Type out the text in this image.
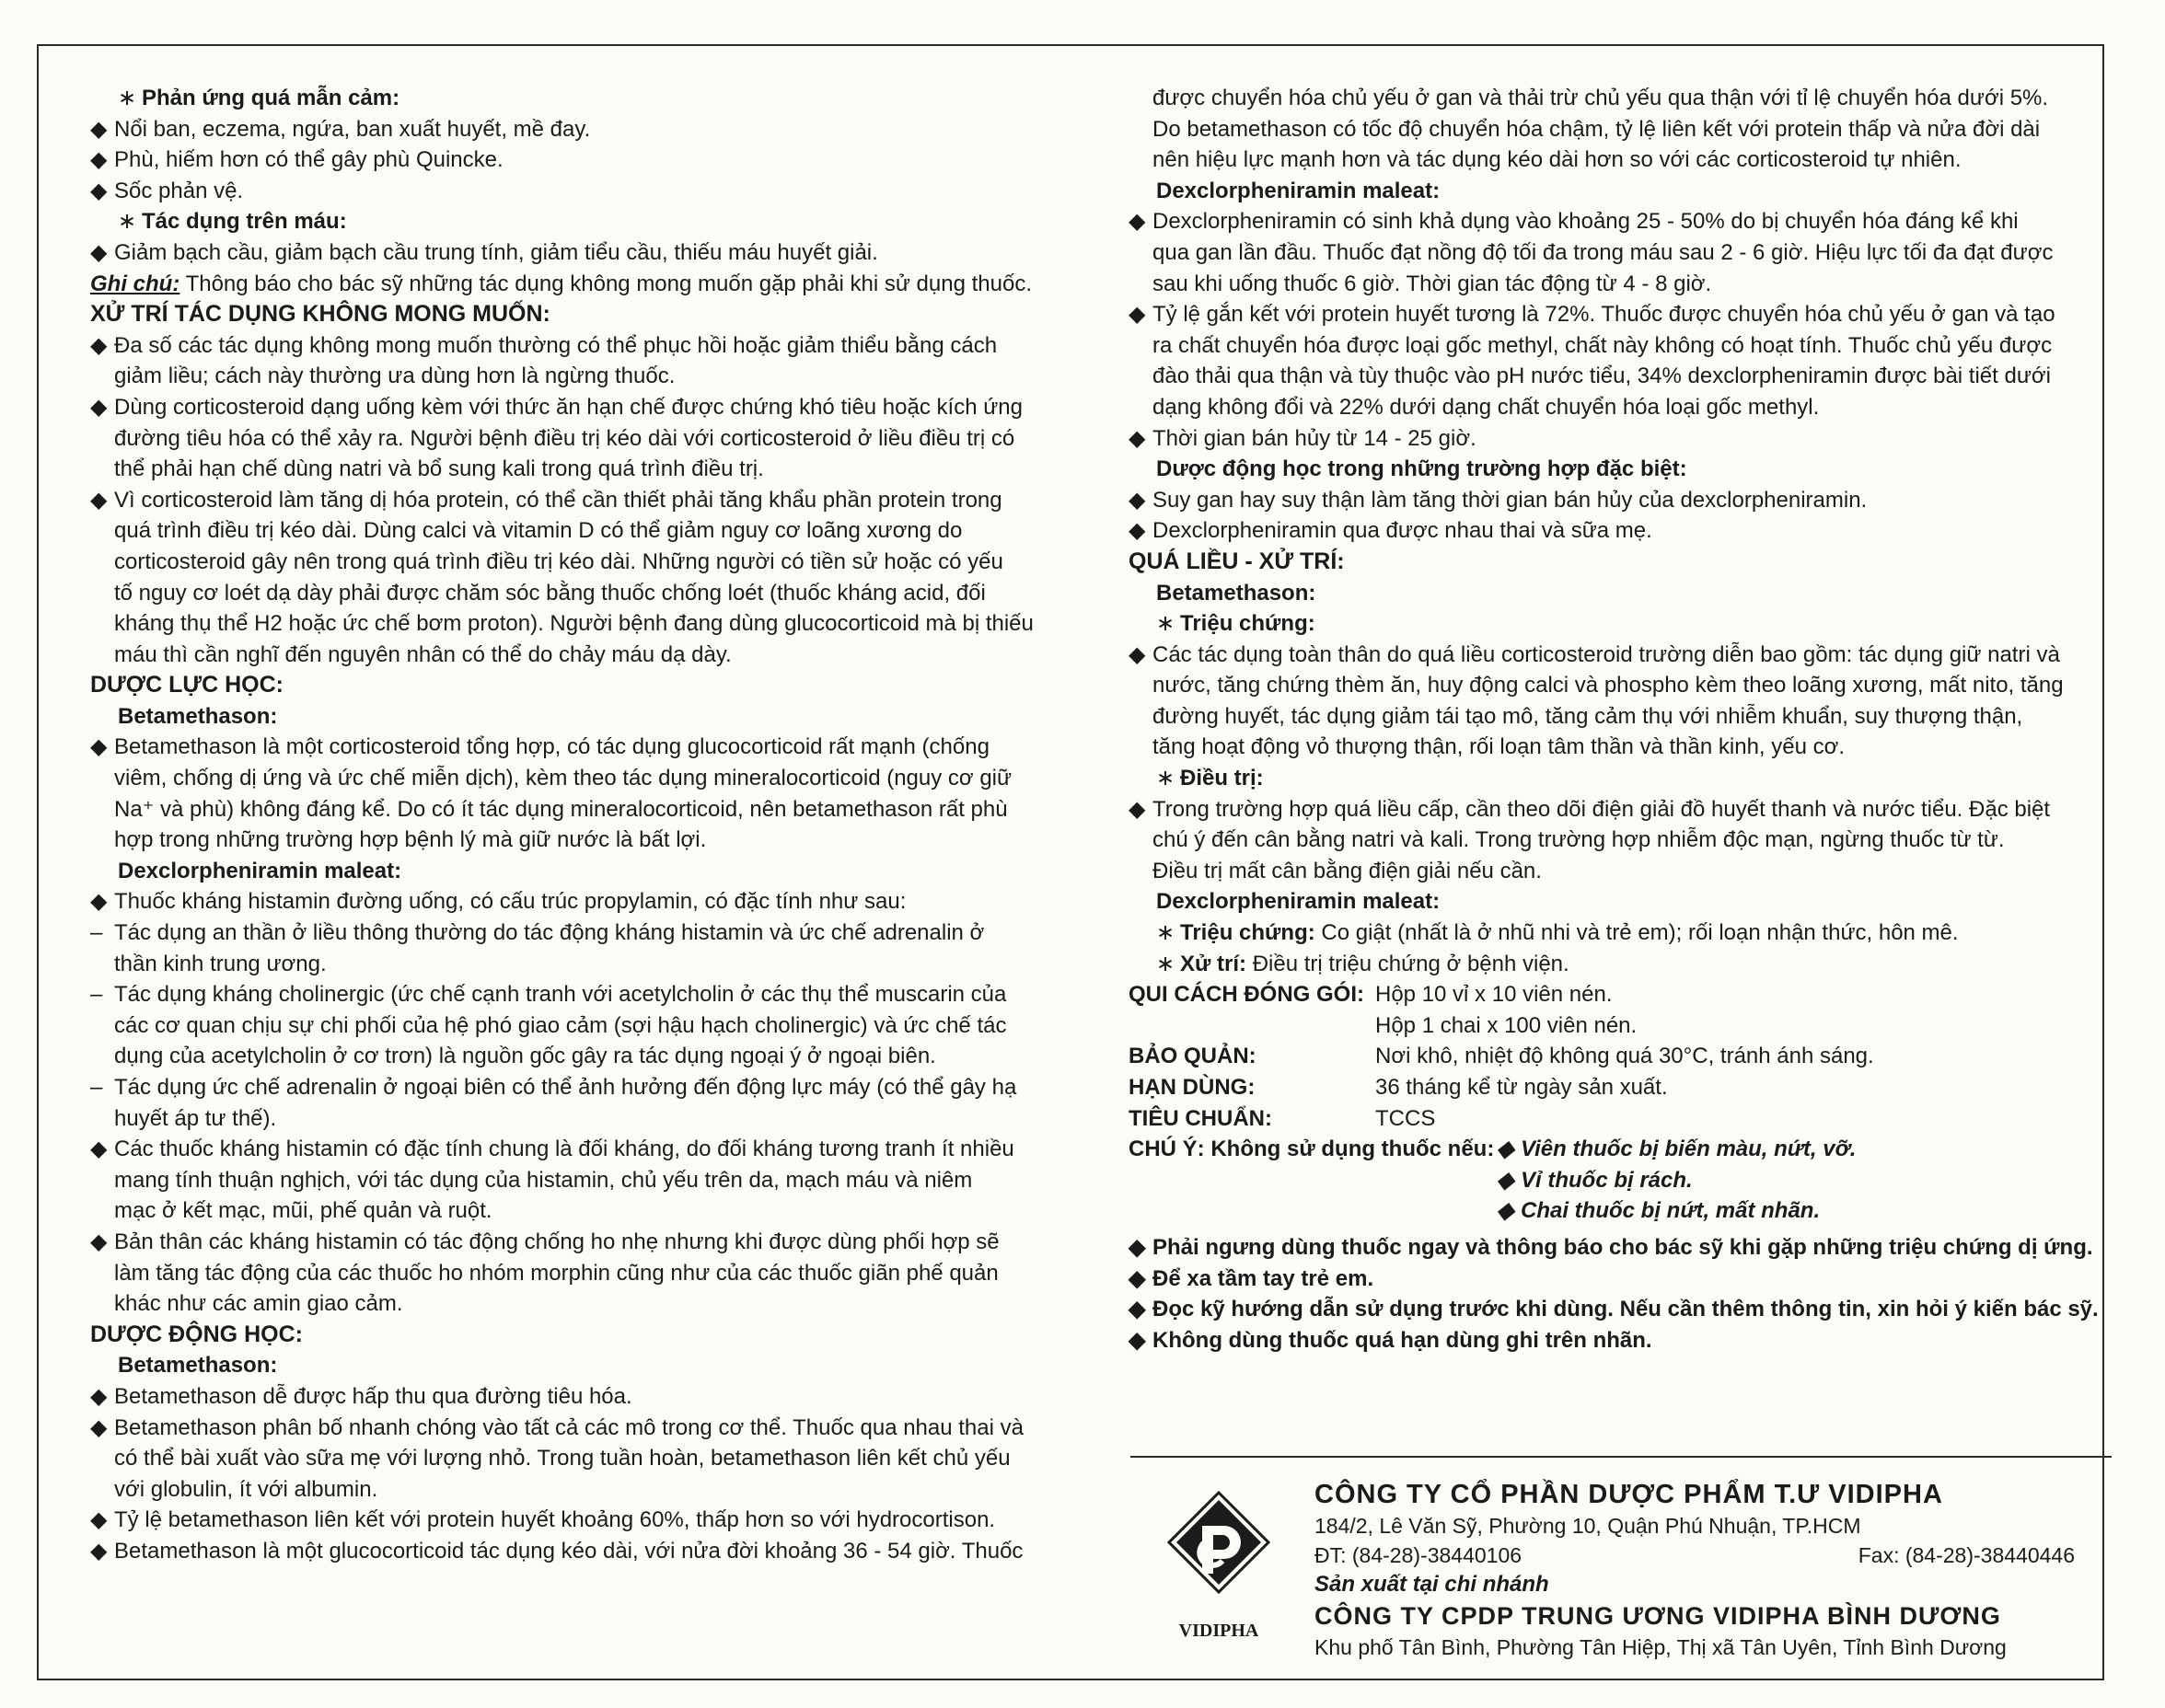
∗ Phản ứng quá mẫn cảm:
◆ Nổi ban, eczema, ngứa, ban xuất huyết, mề đay.
◆ Phù, hiếm hơn có thể gây phù Quincke.
◆ Sốc phản vệ.
∗ Tác dụng trên máu:
◆ Giảm bạch cầu, giảm bạch cầu trung tính, giảm tiểu cầu, thiếu máu huyết giải.
Ghi chú: Thông báo cho bác sỹ những tác dụng không mong muốn gặp phải khi sử dụng thuốc.
XỬ TRÍ TÁC DỤNG KHÔNG MONG MUỐN:
◆ Đa số các tác dụng không mong muốn thường có thể phục hồi hoặc giảm thiểu bằng cách
giảm liều; cách này thường ưa dùng hơn là ngừng thuốc.
◆ Dùng corticosteroid dạng uống kèm với thức ăn hạn chế được chứng khó tiêu hoặc kích ứng
đường tiêu hóa có thể xảy ra. Người bệnh điều trị kéo dài với corticosteroid ở liều điều trị có
thể phải hạn chế dùng natri và bổ sung kali trong quá trình điều trị.
◆ Vì corticosteroid làm tăng dị hóa protein, có thể cần thiết phải tăng khẩu phần protein trong
quá trình điều trị kéo dài. Dùng calci và vitamin D có thể giảm nguy cơ loãng xương do
corticosteroid gây nên trong quá trình điều trị kéo dài. Những người có tiền sử hoặc có yếu
tố nguy cơ loét dạ dày phải được chăm sóc bằng thuốc chống loét (thuốc kháng acid, đối
kháng thụ thể H2 hoặc ức chế bơm proton). Người bệnh đang dùng glucocorticoid mà bị thiếu
máu thì cần nghĩ đến nguyên nhân có thể do chảy máu dạ dày.
DƯỢC LỰC HỌC:
Betamethason:
◆ Betamethason là một corticosteroid tổng hợp, có tác dụng glucocorticoid rất mạnh (chống
viêm, chống dị ứng và ức chế miễn dịch), kèm theo tác dụng mineralocorticoid (nguy cơ giữ
Na⁺ và phù) không đáng kể. Do có ít tác dụng mineralocorticoid, nên betamethason rất phù
hợp trong những trường hợp bệnh lý mà giữ nước là bất lợi.
Dexclorpheniramin maleat:
◆ Thuốc kháng histamin đường uống, có cấu trúc propylamin, có đặc tính như sau:
– Tác dụng an thần ở liều thông thường do tác động kháng histamin và ức chế adrenalin ở
thần kinh trung ương.
– Tác dụng kháng cholinergic (ức chế cạnh tranh với acetylcholin ở các thụ thể muscarin của
các cơ quan chịu sự chi phối của hệ phó giao cảm (sợi hậu hạch cholinergic) và ức chế tác
dụng của acetylcholin ở cơ trơn) là nguồn gốc gây ra tác dụng ngoại ý ở ngoại biên.
– Tác dụng ức chế adrenalin ở ngoại biên có thể ảnh hưởng đến động lực máy (có thể gây hạ
huyết áp tư thế).
◆ Các thuốc kháng histamin có đặc tính chung là đối kháng, do đối kháng tương tranh ít nhiều
mang tính thuận nghịch, với tác dụng của histamin, chủ yếu trên da, mạch máu và niêm
mạc ở kết mạc, mũi, phế quản và ruột.
◆ Bản thân các kháng histamin có tác động chống ho nhẹ nhưng khi được dùng phối hợp sẽ
làm tăng tác động của các thuốc ho nhóm morphin cũng như của các thuốc giãn phế quản
khác như các amin giao cảm.
DƯỢC ĐỘNG HỌC:
Betamethason:
◆ Betamethason dễ được hấp thu qua đường tiêu hóa.
◆ Betamethason phân bố nhanh chóng vào tất cả các mô trong cơ thể. Thuốc qua nhau thai và
có thể bài xuất vào sữa mẹ với lượng nhỏ. Trong tuần hoàn, betamethason liên kết chủ yếu
với globulin, ít với albumin.
◆ Tỷ lệ betamethason liên kết với protein huyết khoảng 60%, thấp hơn so với hydrocortison.
◆ Betamethason là một glucocorticoid tác dụng kéo dài, với nửa đời khoảng 36 - 54 giờ. Thuốc
được chuyển hóa chủ yếu ở gan và thải trừ chủ yếu qua thận với tỉ lệ chuyển hóa dưới 5%.
Do betamethason có tốc độ chuyển hóa chậm, tỷ lệ liên kết với protein thấp và nửa đời dài
nên hiệu lực mạnh hơn và tác dụng kéo dài hơn so với các corticosteroid tự nhiên.
Dexclorpheniramin maleat:
◆ Dexclorpheniramin có sinh khả dụng vào khoảng 25 - 50% do bị chuyển hóa đáng kể khi
qua gan lần đầu. Thuốc đạt nồng độ tối đa trong máu sau 2 - 6 giờ. Hiệu lực tối đa đạt được
sau khi uống thuốc 6 giờ. Thời gian tác động từ 4 - 8 giờ.
◆ Tỷ lệ gắn kết với protein huyết tương là 72%. Thuốc được chuyển hóa chủ yếu ở gan và tạo
ra chất chuyển hóa được loại gốc methyl, chất này không có hoạt tính. Thuốc chủ yếu được
đào thải qua thận và tùy thuộc vào pH nước tiểu, 34% dexclorpheniramin được bài tiết dưới
dạng không đổi và 22% dưới dạng chất chuyển hóa loại gốc methyl.
◆ Thời gian bán hủy từ 14 - 25 giờ.
Dược động học trong những trường hợp đặc biệt:
◆ Suy gan hay suy thận làm tăng thời gian bán hủy của dexclorpheniramin.
◆ Dexclorpheniramin qua được nhau thai và sữa mẹ.
QUÁ LIỀU - XỬ TRÍ:
Betamethason:
∗ Triệu chứng:
◆ Các tác dụng toàn thân do quá liều corticosteroid trường diễn bao gồm: tác dụng giữ natri và
nước, tăng chứng thèm ăn, huy động calci và phospho kèm theo loãng xương, mất nito, tăng
đường huyết, tác dụng giảm tái tạo mô, tăng cảm thụ với nhiễm khuẩn, suy thượng thận,
tăng hoạt động vỏ thượng thận, rối loạn tâm thần và thần kinh, yếu cơ.
∗ Điều trị:
◆ Trong trường hợp quá liều cấp, cần theo dõi điện giải đồ huyết thanh và nước tiểu. Đặc biệt
chú ý đến cân bằng natri và kali. Trong trường hợp nhiễm độc mạn, ngừng thuốc từ từ.
Điều trị mất cân bằng điện giải nếu cần.
Dexclorpheniramin maleat:
∗ Triệu chứng: Co giật (nhất là ở nhũ nhi và trẻ em); rối loạn nhận thức, hôn mê.
∗ Xử trí: Điều trị triệu chứng ở bệnh viện.
QUI CÁCH ĐÓNG GÓI: Hộp 10 vỉ x 10 viên nén.
Hộp 1 chai x 100 viên nén.
BẢO QUẢN:	Nơi khô, nhiệt độ không quá 30°C, tránh ánh sáng.
HẠN DÙNG:	36 tháng kể từ ngày sản xuất.
TIÊU CHUẨN:	TCCS
CHÚ Ý: Không sử dụng thuốc nếu: ◆ Viên thuốc bị biến màu, nứt, vỡ.
◆ Vỉ thuốc bị rách.
◆ Chai thuốc bị nứt, mất nhãn.
◆ Phải ngưng dùng thuốc ngay và thông báo cho bác sỹ khi gặp những triệu chứng dị ứng.
◆ Để xa tầm tay trẻ em.
◆ Đọc kỹ hướng dẫn sử dụng trước khi dùng. Nếu cần thêm thông tin, xin hỏi ý kiến bác sỹ.
◆ Không dùng thuốc quá hạn dùng ghi trên nhãn.
VIDIPHA
CÔNG TY CỔ PHẦN DƯỢC PHẨM T.Ư VIDIPHA
184/2, Lê Văn Sỹ, Phường 10, Quận Phú Nhuận, TP.HCM
ĐT: (84-28)-38440106	Fax: (84-28)-38440446
Sản xuất tại chi nhánh
CÔNG TY CPDP TRUNG ƯƠNG VIDIPHA BÌNH DƯƠNG
Khu phố Tân Bình, Phường Tân Hiệp, Thị xã Tân Uyên, Tỉnh Bình Dương
